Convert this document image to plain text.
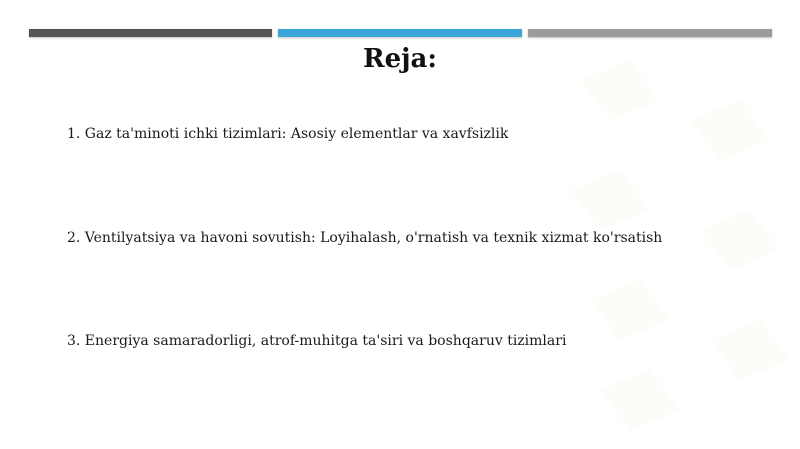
Reja:
1. Gaz ta'minoti ichki tizimlari: Asosiy elementlar va xavfsizlik
2. Ventilyatsiya va havoni sovutish: Loyihalash, o'rnatish va texnik xizmat ko'rsatish
3. Energiya samaradorligi, atrof-muhitga ta'siri va boshqaruv tizimlari
